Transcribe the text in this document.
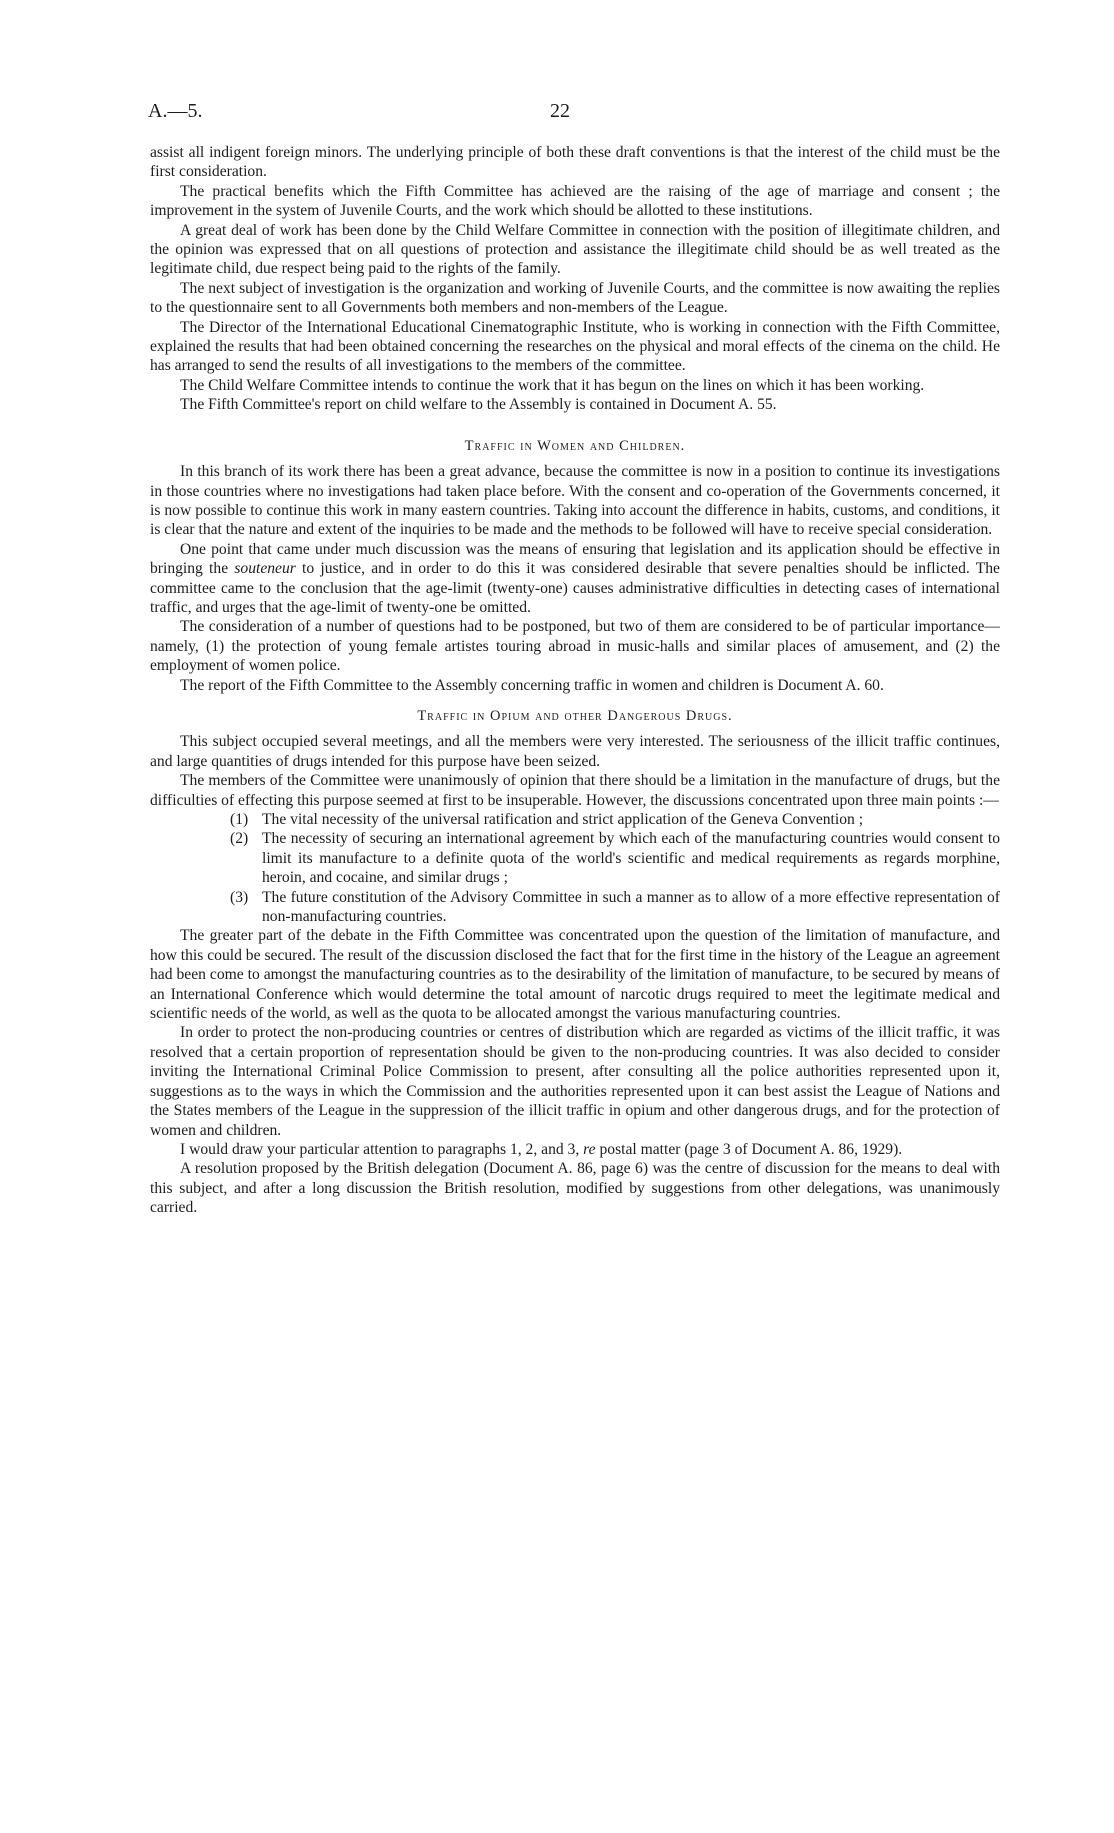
A.—5.	22

assist all indigent foreign minors. The underlying principle of both these draft conventions is that the interest of the child must be the first consideration.

The practical benefits which the Fifth Committee has achieved are the raising of the age of marriage and consent ; the improvement in the system of Juvenile Courts, and the work which should be allotted to these institutions.

A great deal of work has been done by the Child Welfare Committee in connection with the position of illegitimate children, and the opinion was expressed that on all questions of protection and assistance the illegitimate child should be as well treated as the legitimate child, due respect being paid to the rights of the family.

The next subject of investigation is the organization and working of Juvenile Courts, and the committee is now awaiting the replies to the questionnaire sent to all Governments both members and non-members of the League.

The Director of the International Educational Cinematographic Institute, who is working in connection with the Fifth Committee, explained the results that had been obtained concerning the researches on the physical and moral effects of the cinema on the child. He has arranged to send the results of all investigations to the members of the committee.

The Child Welfare Committee intends to continue the work that it has begun on the lines on which it has been working.

The Fifth Committee's report on child welfare to the Assembly is contained in Document A. 55.

Traffic in Women and Children.

In this branch of its work there has been a great advance, because the committee is now in a position to continue its investigations in those countries where no investigations had taken place before. With the consent and co-operation of the Governments concerned, it is now possible to continue this work in many eastern countries. Taking into account the difference in habits, customs, and conditions, it is clear that the nature and extent of the inquiries to be made and the methods to be followed will have to receive special consideration.

One point that came under much discussion was the means of ensuring that legislation and its application should be effective in bringing the souteneur to justice, and in order to do this it was considered desirable that severe penalties should be inflicted. The committee came to the conclusion that the age-limit (twenty-one) causes administrative difficulties in detecting cases of international traffic, and urges that the age-limit of twenty-one be omitted.

The consideration of a number of questions had to be postponed, but two of them are considered to be of particular importance—namely, (1) the protection of young female artistes touring abroad in music-halls and similar places of amusement, and (2) the employment of women police.

The report of the Fifth Committee to the Assembly concerning traffic in women and children is Document A. 60.

Traffic in Opium and other Dangerous Drugs.

This subject occupied several meetings, and all the members were very interested. The seriousness of the illicit traffic continues, and large quantities of drugs intended for this purpose have been seized.

The members of the Committee were unanimously of opinion that there should be a limitation in the manufacture of drugs, but the difficulties of effecting this purpose seemed at first to be insuperable. However, the discussions concentrated upon three main points :—

(1) The vital necessity of the universal ratification and strict application of the Geneva Convention ;
(2) The necessity of securing an international agreement by which each of the manufacturing countries would consent to limit its manufacture to a definite quota of the world's scientific and medical requirements as regards morphine, heroin, and cocaine, and similar drugs ;
(3) The future constitution of the Advisory Committee in such a manner as to allow of a more effective representation of non-manufacturing countries.

The greater part of the debate in the Fifth Committee was concentrated upon the question of the limitation of manufacture, and how this could be secured. The result of the discussion disclosed the fact that for the first time in the history of the League an agreement had been come to amongst the manufacturing countries as to the desirability of the limitation of manufacture, to be secured by means of an International Conference which would determine the total amount of narcotic drugs required to meet the legitimate medical and scientific needs of the world, as well as the quota to be allocated amongst the various manufacturing countries.

In order to protect the non-producing countries or centres of distribution which are regarded as victims of the illicit traffic, it was resolved that a certain proportion of representation should be given to the non-producing countries. It was also decided to consider inviting the International Criminal Police Commission to present, after consulting all the police authorities represented upon it, suggestions as to the ways in which the Commission and the authorities represented upon it can best assist the League of Nations and the States members of the League in the suppression of the illicit traffic in opium and other dangerous drugs, and for the protection of women and children.

I would draw your particular attention to paragraphs 1, 2, and 3, re postal matter (page 3 of Document A. 86, 1929).

A resolution proposed by the British delegation (Document A. 86, page 6) was the centre of discussion for the means to deal with this subject, and after a long discussion the British resolution, modified by suggestions from other delegations, was unanimously carried.
